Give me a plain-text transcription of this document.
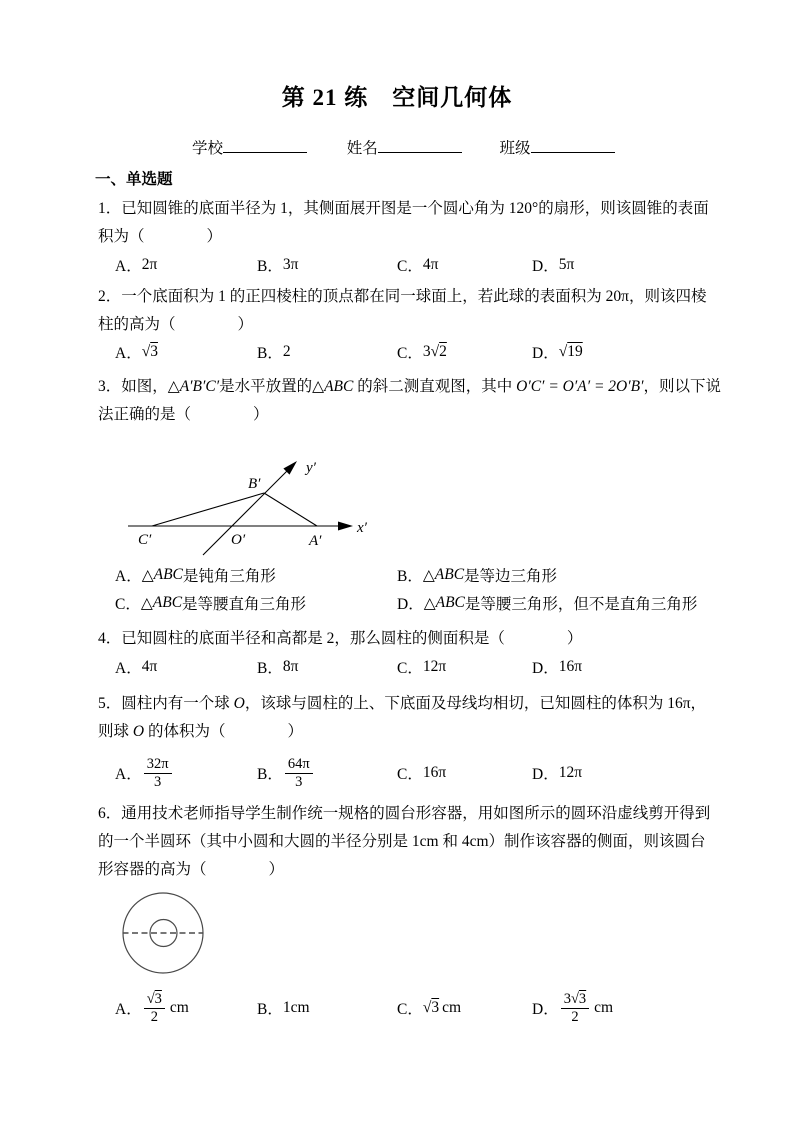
第 21 练　空间几何体
学校	姓名	班级
一、单选题
1．已知圆锥的底面半径为 1，其侧面展开图是一个圆心角为 120°的扇形，则该圆锥的表面
积为（　　　　）
A． 2π	B． 3π	C． 4π	D． 5π
2．一个底面积为 1 的正四棱柱的顶点都在同一球面上，若此球的表面积为 20π，则该四棱
柱的高为（　　　　）
A． √ 3	B． 2	C． 3 √ 2	D． √ 19
3．如图，△A′B′C′是水平放置的△ABC 的斜二测直观图，其中 O′C′ = O′A′ = 2O′B′，则以下说
法正确的是（　　　　）
y′
x′
B′
C′	O′	A′
A． △ ABC 是钝角三角形	B． △ ABC 是等边三角形
C． △ ABC 是等腰直角三角形	D． △ ABC 是等腰三角形，但不是直角三角形
4．已知圆柱的底面半径和高都是 2，那么圆柱的侧面积是（　　　　）
A． 4π	B． 8π	C． 12π	D． 16π
5．圆柱内有一个球 O，该球与圆柱的上、下底面及母线均相切，已知圆柱的体积为 16π，
则球 O 的体积为（　　　　）
A． $\frac{32\pi}{3}$	B． $\frac{64\pi}{3}$	C． 16π	D． 12π
6．通用技术老师指导学生制作统一规格的圆台形容器，用如图所示的圆环沿虚线剪开得到
的一个半圆环（其中小圆和大圆的半径分别是 1cm 和 4cm）制作该容器的侧面，则该圆台
形容器的高为（　　　　）
A． $\frac{√3}{2}$ cm	B． 1cm	C． √ 3 cm	D． $\frac{3√3}{2}$ cm
